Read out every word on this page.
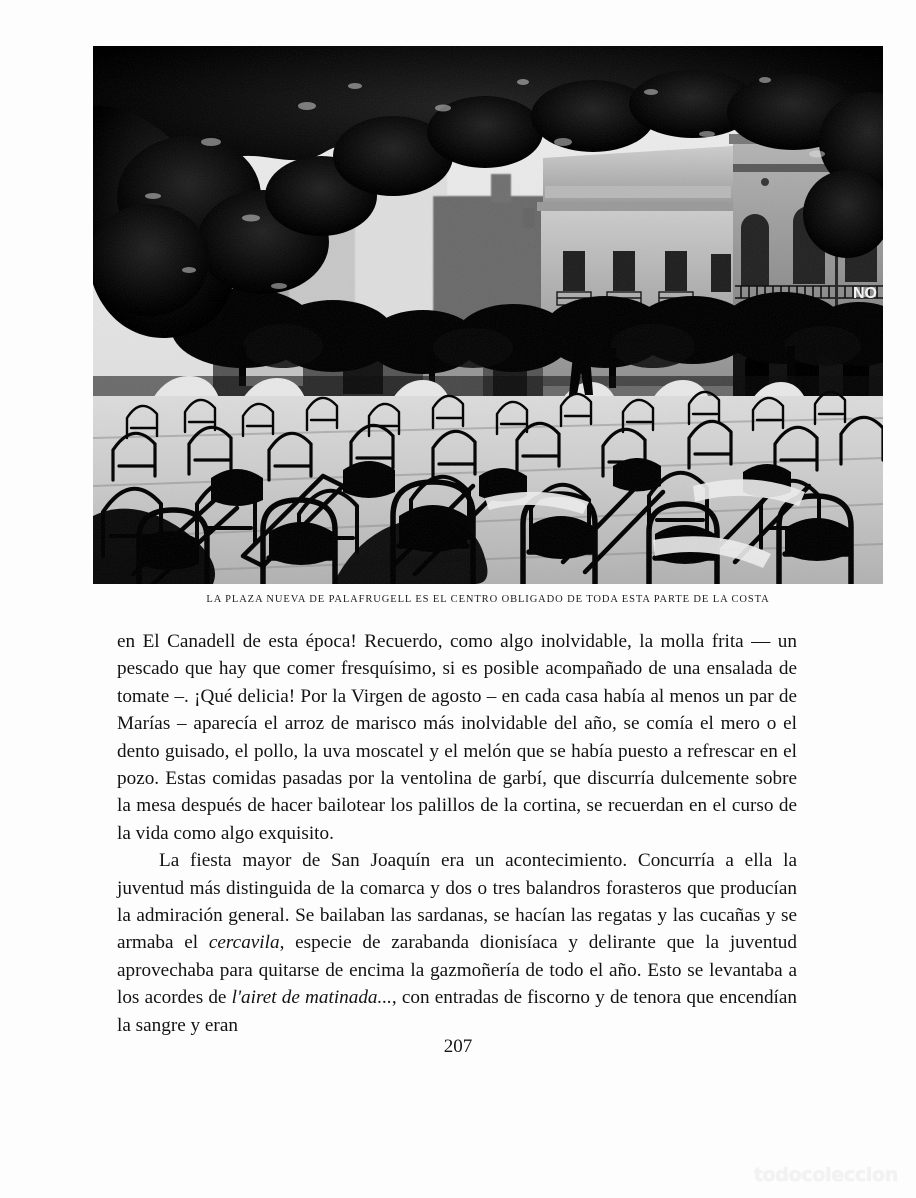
NO
LA PLAZA NUEVA DE PALAFRUGELL ES EL CENTRO OBLIGADO DE TODA ESTA PARTE DE LA COSTA

en El Canadell de esta época! Recuerdo, como algo inolvidable, la molla frita — un pescado que hay que comer fresquísimo, si es posible acompañado de una ensalada de tomate –. ¡Qué delicia! Por la Virgen de agosto – en cada casa había al menos un par de Marías – aparecía el arroz de marisco más inolvidable del año, se comía el mero o el dento guisado, el pollo, la uva moscatel y el melón que se había puesto a refrescar en el pozo. Estas comidas pasadas por la ventolina de garbí, que discurría dulcemente sobre la mesa después de hacer bailotear los palillos de la cortina, se recuerdan en el curso de la vida como algo exquisito.

La fiesta mayor de San Joaquín era un acontecimiento. Concurría a ella la juventud más distinguida de la comarca y dos o tres balandros forasteros que producían la admiración general. Se bailaban las sardanas, se hacían las regatas y las cucañas y se armaba el cercavila, especie de zarabanda dionisíaca y delirante que la juventud aprovechaba para quitarse de encima la gazmoñería de todo el año. Esto se levantaba a los acordes de l'airet de matinada..., con entradas de fiscorno y de tenora que encendían la sangre y eran

207
todocoleccion
